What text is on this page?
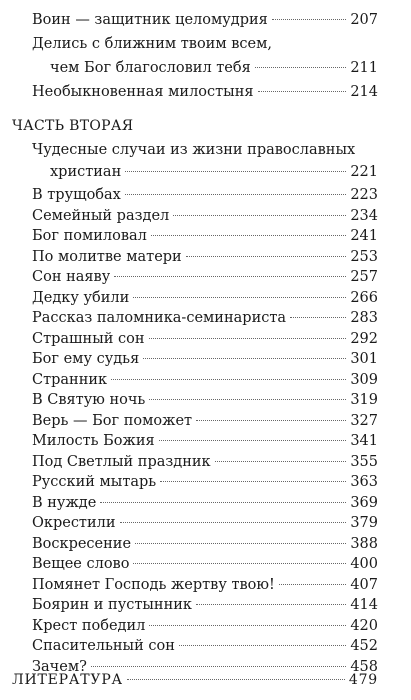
Воин — защитник целомудрия	207
Делись с ближним твоим всем,
чем Бог благословил тебя	211
Необыкновенная милостыня	214
ЧАСТЬ ВТОРАЯ
Чудесные случаи из жизни православных
христиан	221
В трущобах	223
Семейный раздел	234
Бог помиловал	241
По молитве матери	253
Сон наяву	257
Дедку убили	266
Рассказ паломника-семинариста	283
Страшный сон	292
Бог ему судья	301
Странник	309
В Святую ночь	319
Верь — Бог поможет	327
Милость Божия	341
Под Светлый праздник	355
Русский мытарь	363
В нужде	369
Окрестили	379
Воскресение	388
Вещее слово	400
Помянет Господь жертву твою!	407
Боярин и пустынник	414
Крест победил	420
Спасительный сон	452
Зачем?	458
ЛИТЕРАТУРА	479
